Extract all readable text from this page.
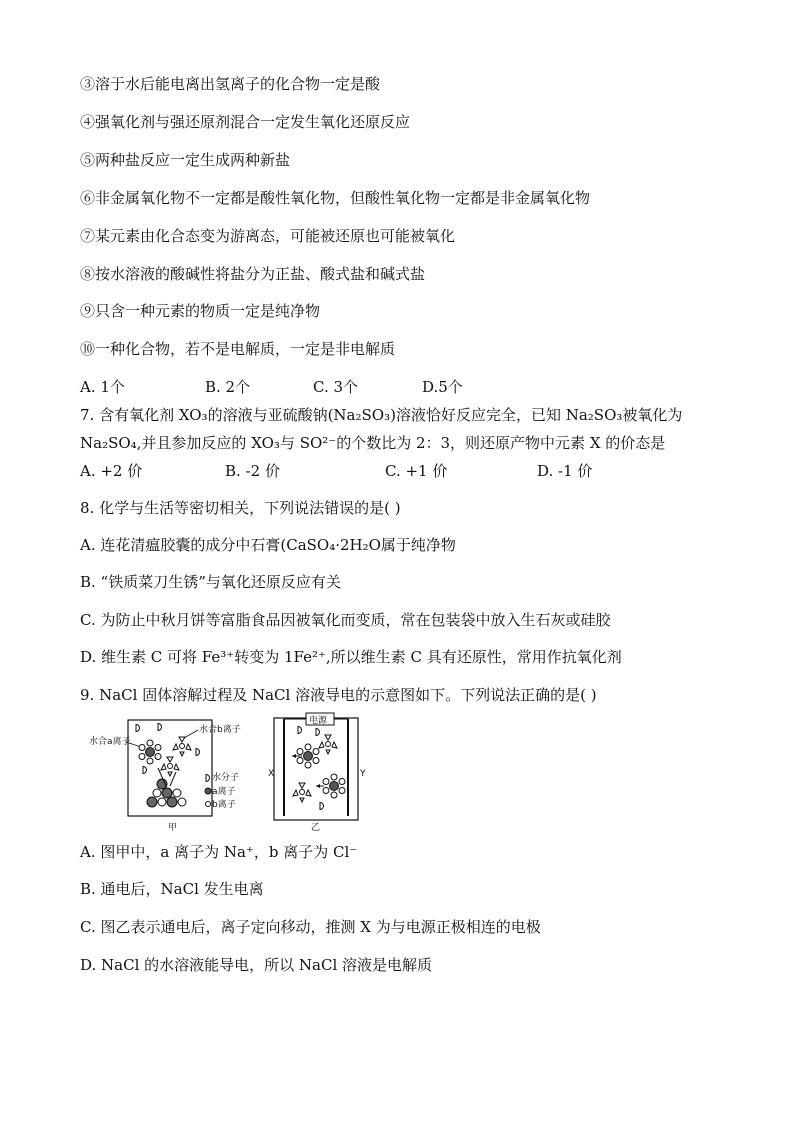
③溶于水后能电离出氢离子的化合物一定是酸
④强氧化剂与强还原剂混合一定发生氧化还原反应
⑤两种盐反应一定生成两种新盐
⑥非金属氧化物不一定都是酸性氧化物，但酸性氧化物一定都是非金属氧化物
⑦某元素由化合态变为游离态，可能被还原也可能被氧化
⑧按水溶液的酸碱性将盐分为正盐、酸式盐和碱式盐
⑨只含一种元素的物质一定是纯净物
⑩一种化合物，若不是电解质，一定是非电解质
A. 1个	B. 2个	C. 3个	D.5个
7. 含有氧化剂 XO₃的溶液与亚硫酸钠(Na₂SO₃)溶液恰好反应完全，已知 Na₂SO₃被氧化为
Na₂SO₄,并且参加反应的 XO₃与 SO²⁻的个数比为 2：3，则还原产物中元素 X 的价态是
A. +2 价	B. -2 价	C. +1 价	D. -1 价
8. 化学与生活等密切相关，下列说法错误的是( )
A. 连花清瘟胶囊的成分中石膏(CaSO₄·2H₂O属于纯净物
B. “铁质菜刀生锈”与氧化还原反应有关
C. 为防止中秋月饼等富脂食品因被氧化而变质，常在包装袋中放入生石灰或硅胶
D. 维生素 C 可将 Fe³⁺转变为 1Fe²⁺,所以维生素 C 具有还原性，常用作抗氧化剂
9. NaCl 固体溶解过程及 NaCl 溶液导电的示意图如下。下列说法正确的是( )
水合a离子
水合b离子
水分子
a离子
b离子
甲
电源
X	Y
乙
A. 图甲中，a 离子为 Na⁺，b 离子为 Cl⁻
B. 通电后，NaCl 发生电离
C. 图乙表示通电后，离子定向移动，推测 X 为与电源正极相连的电极
D. NaCl 的水溶液能导电，所以 NaCl 溶液是电解质
